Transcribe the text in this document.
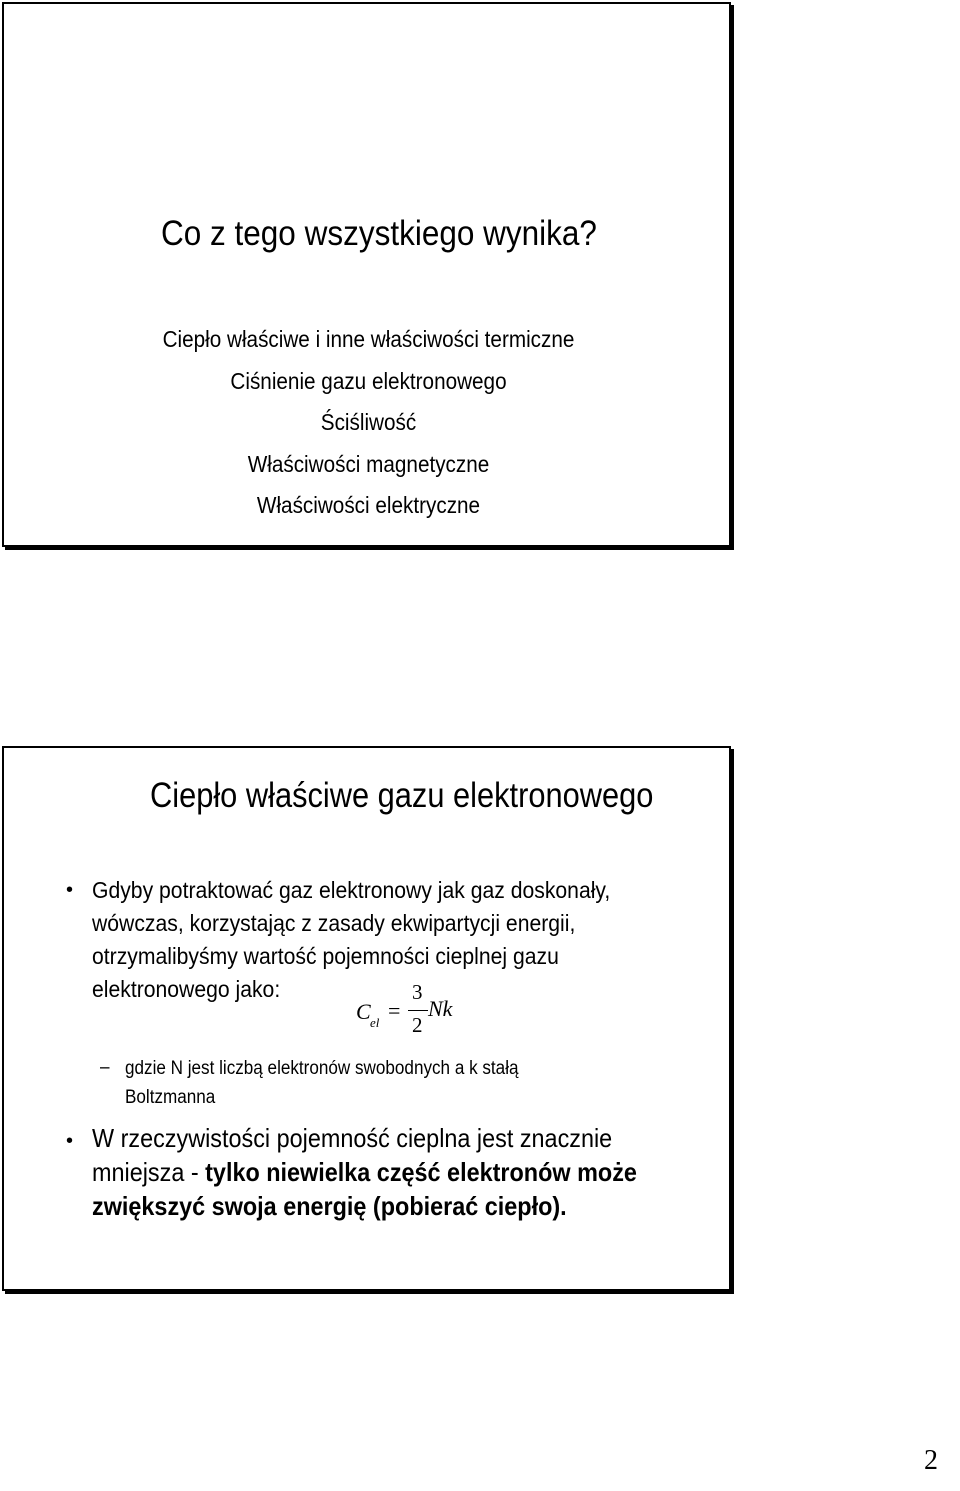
Co z tego wszystkiego wynika?
Ciepło właściwe i inne właściwości termiczne
Ciśnienie gazu elektronowego
Ściśliwość
Właściwości magnetyczne
Właściwości elektryczne
Ciepło właściwe gazu elektronowego
• Gdyby potraktować gaz elektronowy jak gaz doskonały,
wówczas, korzystając z zasady ekwipartycji energii,
otrzymalibyśmy wartość pojemności cieplnej gazu
elektronowego jako:
C el =
3
2
Nk
– gdzie N jest liczbą elektronów swobodnych a k stałą
Boltzmanna
• W rzeczywistości pojemność cieplna jest znacznie
mniejsza - tylko niewielka część elektronów może
zwiększyć swoja energię (pobierać ciepło).
2
